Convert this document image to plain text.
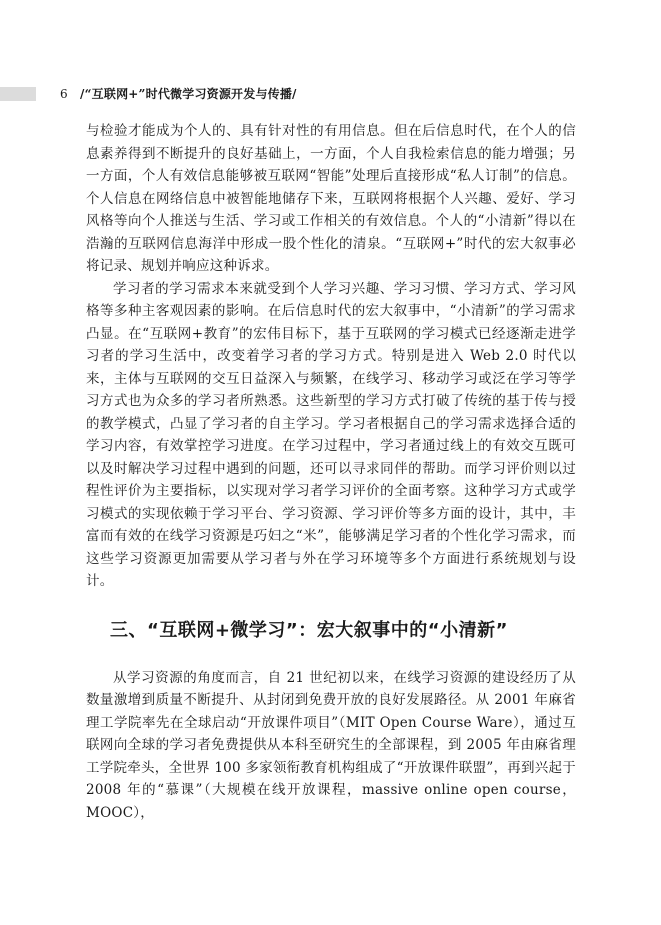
6 /“互联网+”时代微学习资源开发与传播/

与检验才能成为个人的、具有针对性的有用信息。但在后信息时代，在个人的信息素养得到不断提升的良好基础上，一方面，个人自我检索信息的能力增强；另一方面，个人有效信息能够被互联网“智能”处理后直接形成“私人订制”的信息。个人信息在网络信息中被智能地储存下来，互联网将根据个人兴趣、爱好、学习风格等向个人推送与生活、学习或工作相关的有效信息。个人的“小清新”得以在浩瀚的互联网信息海洋中形成一股个性化的清泉。“互联网+”时代的宏大叙事必将记录、规划并响应这种诉求。

学习者的学习需求本来就受到个人学习兴趣、学习习惯、学习方式、学习风格等多种主客观因素的影响。在后信息时代的宏大叙事中，“小清新”的学习需求凸显。在“互联网+教育”的宏伟目标下，基于互联网的学习模式已经逐渐走进学习者的学习生活中，改变着学习者的学习方式。特别是进入 Web 2.0 时代以来，主体与互联网的交互日益深入与频繁，在线学习、移动学习或泛在学习等学习方式也为众多的学习者所熟悉。这些新型的学习方式打破了传统的基于传与授的教学模式，凸显了学习者的自主学习。学习者根据自己的学习需求选择合适的学习内容，有效掌控学习进度。在学习过程中，学习者通过线上的有效交互既可以及时解决学习过程中遇到的问题，还可以寻求同伴的帮助。而学习评价则以过程性评价为主要指标，以实现对学习者学习评价的全面考察。这种学习方式或学习模式的实现依赖于学习平台、学习资源、学习评价等多方面的设计，其中，丰富而有效的在线学习资源是巧妇之“米”，能够满足学习者的个性化学习需求，而这些学习资源更加需要从学习者与外在学习环境等多个方面进行系统规划与设计。

三、“互联网+微学习”：宏大叙事中的“小清新”

从学习资源的角度而言，自 21 世纪初以来，在线学习资源的建设经历了从数量激增到质量不断提升、从封闭到免费开放的良好发展路径。从 2001 年麻省理工学院率先在全球启动“开放课件项目”（MIT Open Course Ware），通过互联网向全球的学习者免费提供从本科至研究生的全部课程，到 2005 年由麻省理工学院牵头，全世界 100 多家领衔教育机构组成了“开放课件联盟”，再到兴起于 2008 年的“慕课”（大规模在线开放课程，massive online open course，MOOC），
